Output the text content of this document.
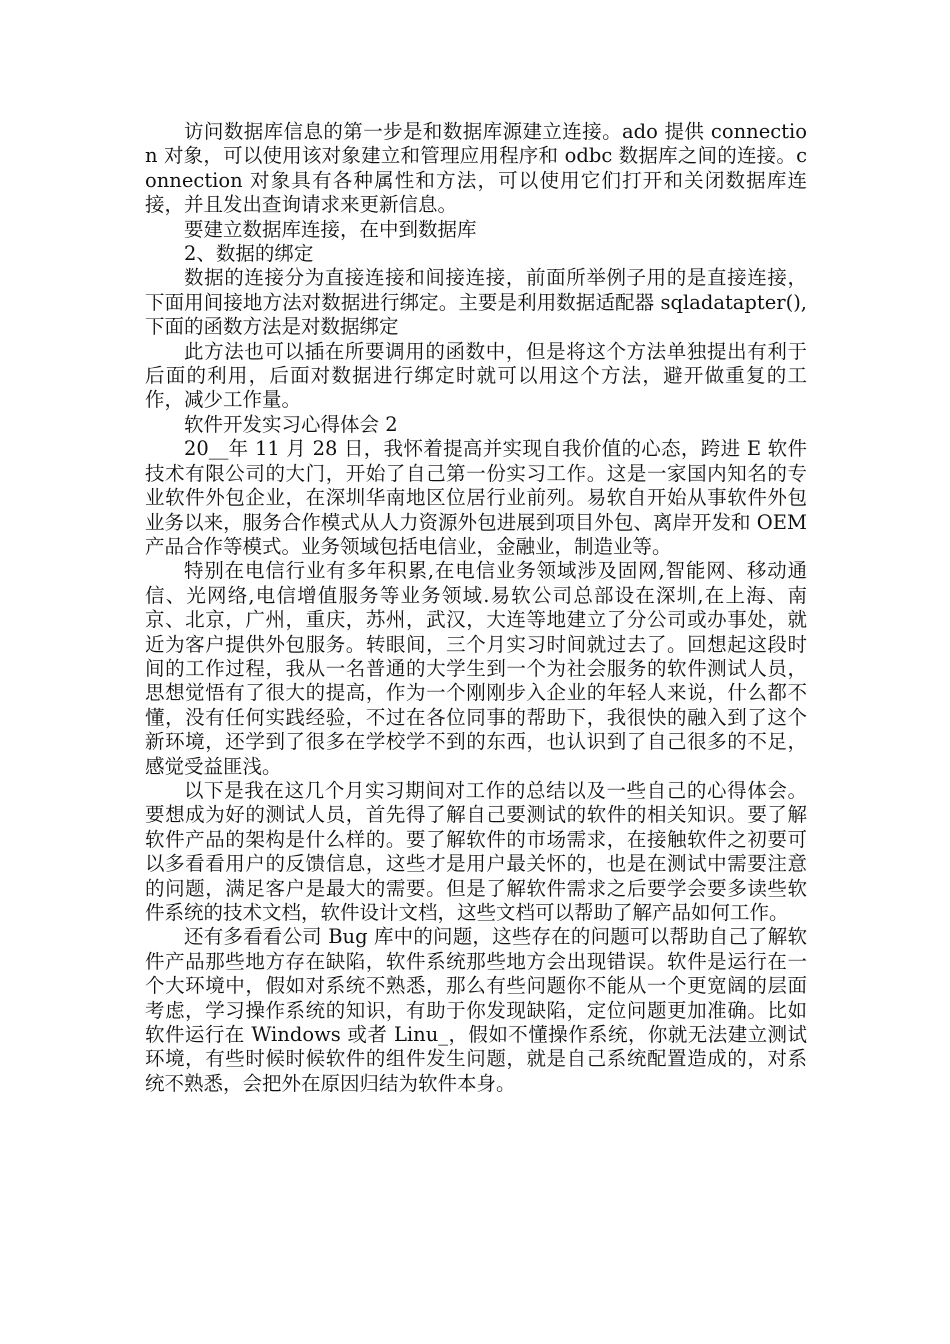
访问数据库信息的第一步是和数据库源建立连接。ado 提供 connection 对象，可以使用该对象建立和管理应用程序和 odbc 数据库之间的连接。connection 对象具有各种属性和方法，可以使用它们打开和关闭数据库连接，并且发出查询请求来更新信息。

要建立数据库连接，在中到数据库

2、数据的绑定

数据的连接分为直接连接和间接连接，前面所举例子用的是直接连接，下面用间接地方法对数据进行绑定。主要是利用数据适配器 sqladatapter(),下面的函数方法是对数据绑定

此方法也可以插在所要调用的函数中，但是将这个方法单独提出有利于后面的利用，后面对数据进行绑定时就可以用这个方法，避开做重复的工作，减少工作量。

软件开发实习心得体会 2

20__年 11 月 28 日，我怀着提高并实现自我价值的心态，跨进 E 软件技术有限公司的大门，开始了自己第一份实习工作。这是一家国内知名的专业软件外包企业，在深圳华南地区位居行业前列。易软自开始从事软件外包业务以来，服务合作模式从人力资源外包进展到项目外包、离岸开发和 OEM 产品合作等模式。业务领域包括电信业，金融业，制造业等。

特别在电信行业有多年积累,在电信业务领域涉及固网,智能网、移动通信、光网络,电信增值服务等业务领域.易软公司总部设在深圳,在上海、南京、北京，广州，重庆，苏州，武汉，大连等地建立了分公司或办事处，就近为客户提供外包服务。转眼间，三个月实习时间就过去了。回想起这段时间的工作过程，我从一名普通的大学生到一个为社会服务的软件测试人员，思想觉悟有了很大的提高，作为一个刚刚步入企业的年轻人来说，什么都不懂，没有任何实践经验，不过在各位同事的帮助下，我很快的融入到了这个新环境，还学到了很多在学校学不到的东西，也认识到了自己很多的不足，感觉受益匪浅。

以下是我在这几个月实习期间对工作的总结以及一些自己的心得体会。要想成为好的测试人员，首先得了解自己要测试的软件的相关知识。要了解软件产品的架构是什么样的。要了解软件的市场需求，在接触软件之初要可以多看看用户的反馈信息，这些才是用户最关怀的，也是在测试中需要注意的问题，满足客户是最大的需要。但是了解软件需求之后要学会要多读些软件系统的技术文档，软件设计文档，这些文档可以帮助了解产品如何工作。

还有多看看公司 Bug 库中的问题，这些存在的问题可以帮助自己了解软件产品那些地方存在缺陷，软件系统那些地方会出现错误。软件是运行在一个大环境中，假如对系统不熟悉，那么有些问题你不能从一个更宽阔的层面考虑，学习操作系统的知识，有助于你发现缺陷，定位问题更加准确。比如软件运行在 Windows 或者 Linu_，假如不懂操作系统，你就无法建立测试环境，有些时候时候软件的组件发生问题，就是自己系统配置造成的，对系统不熟悉，会把外在原因归结为软件本身。
